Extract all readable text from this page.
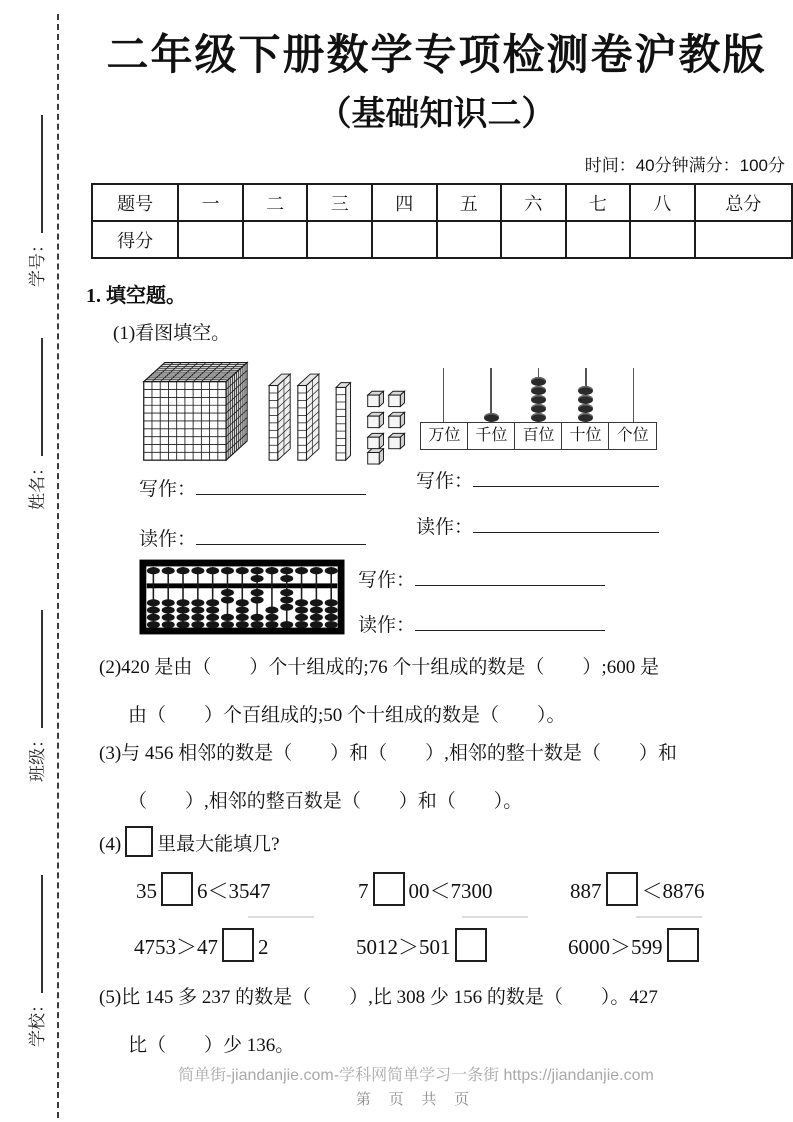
学号：
姓名：
班级：
学校：
二年级下册数学专项检测卷沪教版
（基础知识二）
时间：40分钟满分：100分
题号	一	二	三	四	五	六	七	八	总分
得分									
1. 填空题。
(1)看图填空。
万位 千位 百位 十位 个位
写作：
读作：
写作：
读作：
写作：
读作：
(2)420 是由（　　）个十组成的;76 个十组成的数是（　　）;600 是
由（　　）个百组成的;50 个十组成的数是（　　）。
(3)与 456 相邻的数是（　　）和（　　）,相邻的整十数是（　　）和
（　　）,相邻的整百数是（　　）和（　　）。
(4) 里最大能填几?
35 6＜3547	7 00＜7300	887 ＜8876
4753＞47 2	5012＞501	6000＞599
(5)比 145 多 237 的数是（　　）,比 308 少 156 的数是（　　）。427
比（　　）少 136。
简单街-jiandanjie.com-学科网简单学习一条街 https://jiandanjie.com
第 页 共 页
